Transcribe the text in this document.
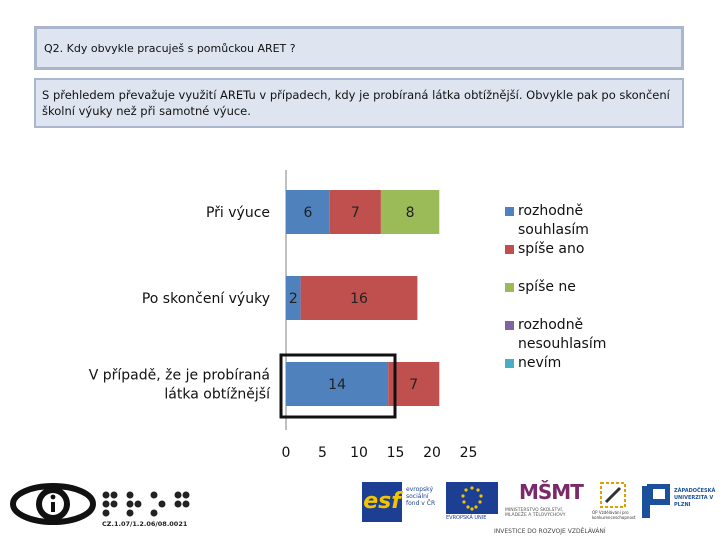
Q2. Kdy obvykle pracuješ s pomůckou ARET ?
S přehledem převažuje využití ARETu v případech, kdy je probíraná látka obtížnější. Obvykle pak po skončení školní výuky než při samotné výuce.
6	7	8
Při výuce
2	16
Po skončení výuky
14	7
V případě, že je probíraná
látka obtížnější
0 5 10 15 20 25
rozhodně souhlasím
spíše ano
spíše ne
rozhodně nesouhlasím
nevím
CZ.1.07/1.2.06/08.0021
esf evropský sociální fond v ČR
EVROPSKÁ UNIE
MŠMT
MINISTERSTVO ŠKOLSTVÍ, MLÁDEŽE A TĚLOVÝCHOVY
OP Vzdělávání pro konkurenceschopnost
ZÁPADOČESKÁ UNIVERZITA V PLZNI
INVESTICE DO ROZVOJE VZDĚLÁVÁNÍ
